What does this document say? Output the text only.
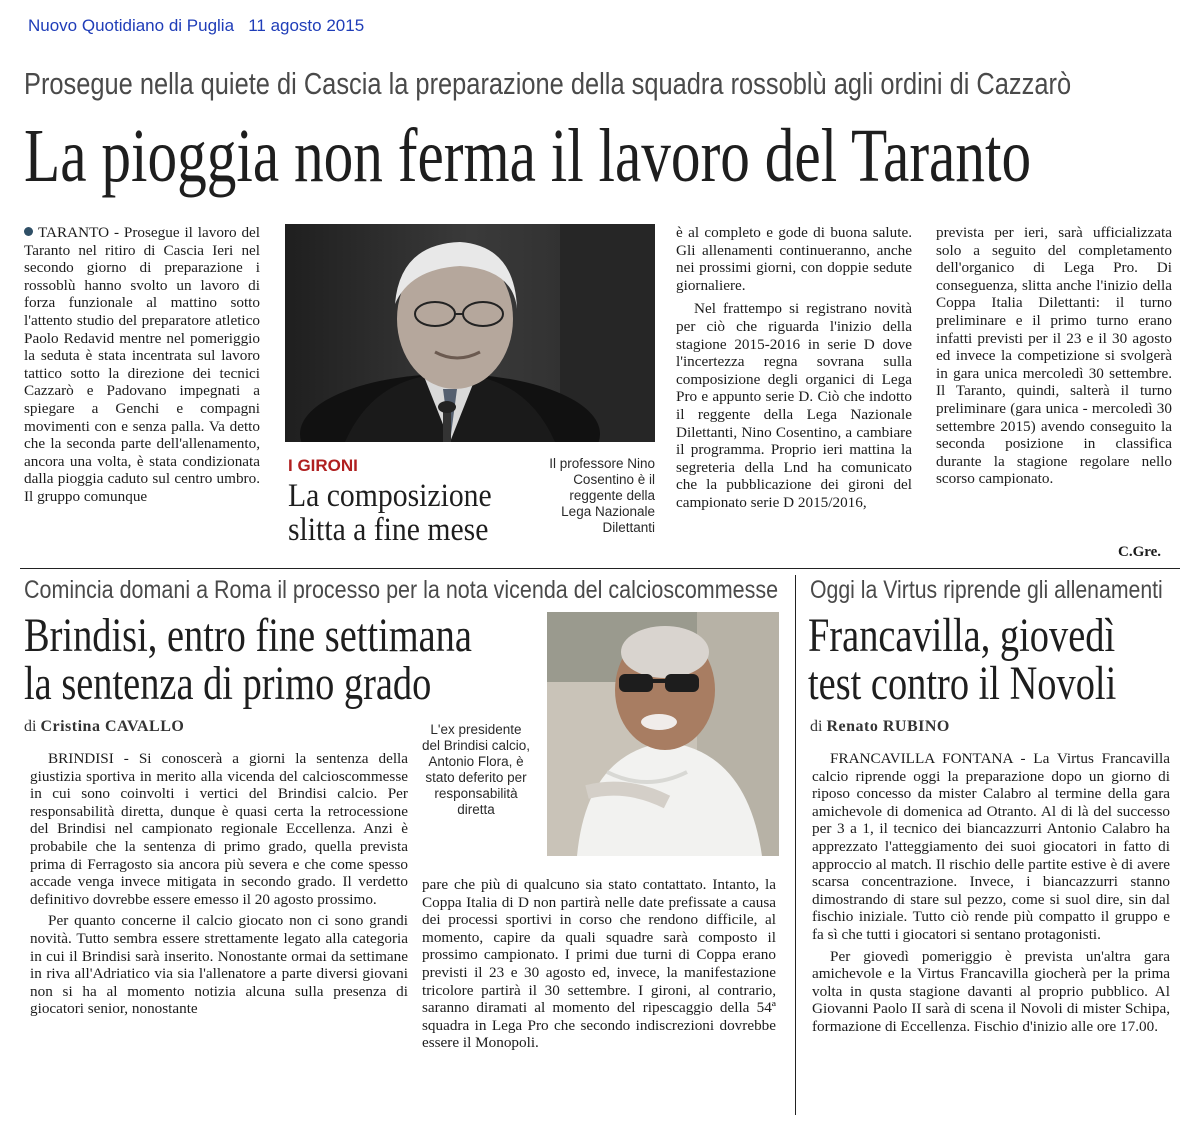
Nuovo Quotidiano di Puglia   11 agosto 2015
Prosegue nella quiete di Cascia la preparazione della squadra rossoblù agli ordini di Cazzarò
La pioggia non ferma il lavoro del Taranto

TARANTO - Prosegue il lavoro del Taranto nel ritiro di Cascia Ieri nel secondo giorno di preparazione i rossoblù hanno svolto un lavoro di forza funzionale al mattino sotto l'attento studio del preparatore atletico Paolo Redavid mentre nel pomeriggio la seduta è stata incentrata sul lavoro tattico sotto la direzione dei tecnici Cazzarò e Padovano impegnati a spiegare a Genchi e compagni movimenti con e senza palla. Va detto che la seconda parte dell'allenamento, ancora una volta, è stata condizionata dalla pioggia caduto sul centro umbro. Il gruppo comunque

I GIRONI
La composizione
slitta a fine mese
Il professore Nino Cosentino è il reggente della Lega Nazionale Dilettanti

è al completo e gode di buona salute. Gli allenamenti continueranno, anche nei prossimi giorni, con doppie sedute giornaliere.

Nel frattempo si registrano novità per ciò che riguarda l'inizio della stagione 2015-2016 in serie D dove l'incertezza regna sovrana sulla composizione degli organici di Lega Pro e appunto serie D. Ciò che indotto il reggente della Lega Nazionale Dilettanti, Nino Cosentino, a cambiare il programma. Proprio ieri mattina la segreteria della Lnd ha comunicato che la pubblicazione dei gironi del campionato serie D 2015/2016,

prevista per ieri, sarà ufficializzata solo a seguito del completamento dell'organico di Lega Pro. Di conseguenza, slitta anche l'inizio della Coppa Italia Dilettanti: il turno preliminare e il primo turno erano infatti previsti per il 23 e il 30 agosto ed invece la competizione si svolgerà in gara unica mercoledì 30 settembre. Il Taranto, quindi, salterà il turno preliminare (gara unica - mercoledì 30 settembre 2015) avendo conseguito la seconda posizione in classifica durante la stagione regolare nello scorso campionato.

C.Gre.
Comincia domani a Roma il processo per la nota vicenda del calcioscommesse
Brindisi, entro fine settimana
la sentenza di primo grado
di Cristina CAVALLO	L'ex presidente del Brindisi calcio, Antonio Flora, è stato deferito per responsabilità diretta

BRINDISI - Si conoscerà a giorni la sentenza della giustizia sportiva in merito alla vicenda del calcioscommesse in cui sono coinvolti i vertici del Brindisi calcio. Per responsabilità diretta, dunque è quasi certa la retrocessione del Brindisi nel campionato regionale Eccellenza. Anzi è probabile che la sentenza di primo grado, quella prevista prima di Ferragosto sia ancora più severa e che come spesso accade venga invece mitigata in secondo grado. Il verdetto definitivo dovrebbe essere emesso il 20 agosto prossimo.

Per quanto concerne il calcio giocato non ci sono grandi novità. Tutto sembra essere strettamente legato alla categoria in cui il Brindisi sarà inserito. Nonostante ormai da settimane in riva all'Adriatico via sia l'allenatore a parte diversi giovani non si ha al momento notizia alcuna sulla presenza di giocatori senior, nonostante

pare che più di qualcuno sia stato contattato. Intanto, la Coppa Italia di D non partirà nelle date prefissate a causa dei processi sportivi in corso che rendono difficile, al momento, capire da quali squadre sarà composto il prossimo campionato. I primi due turni di Coppa erano previsti il 23 e 30 agosto ed, invece, la manifestazione tricolore partirà il 30 settembre. I gironi, al contrario, saranno diramati al momento del ripescaggio della 54ª squadra in Lega Pro che secondo indiscrezioni dovrebbe essere il Monopoli.

Oggi la Virtus riprende gli allenamenti
Francavilla, giovedì
test contro il Novoli
di Renato RUBINO

FRANCAVILLA FONTANA - La Virtus Francavilla calcio riprende oggi la preparazione dopo un giorno di riposo concesso da mister Calabro al termine della gara amichevole di domenica ad Otranto. Al di là del successo per 3 a 1, il tecnico dei biancazzurri Antonio Calabro ha apprezzato l'atteggiamento dei suoi giocatori in fatto di approccio al match. Il rischio delle partite estive è di avere scarsa concentrazione. Invece, i biancazzurri stanno dimostrando di stare sul pezzo, come si suol dire, sin dal fischio iniziale. Tutto ciò rende più compatto il gruppo e fa sì che tutti i giocatori si sentano protagonisti.

Per giovedì pomeriggio è prevista un'altra gara amichevole e la Virtus Francavilla giocherà per la prima volta in qusta stagione davanti al proprio pubblico. Al Giovanni Paolo II sarà di scena il Novoli di mister Schipa, formazione di Eccellenza. Fischio d'inizio alle ore 17.00.
